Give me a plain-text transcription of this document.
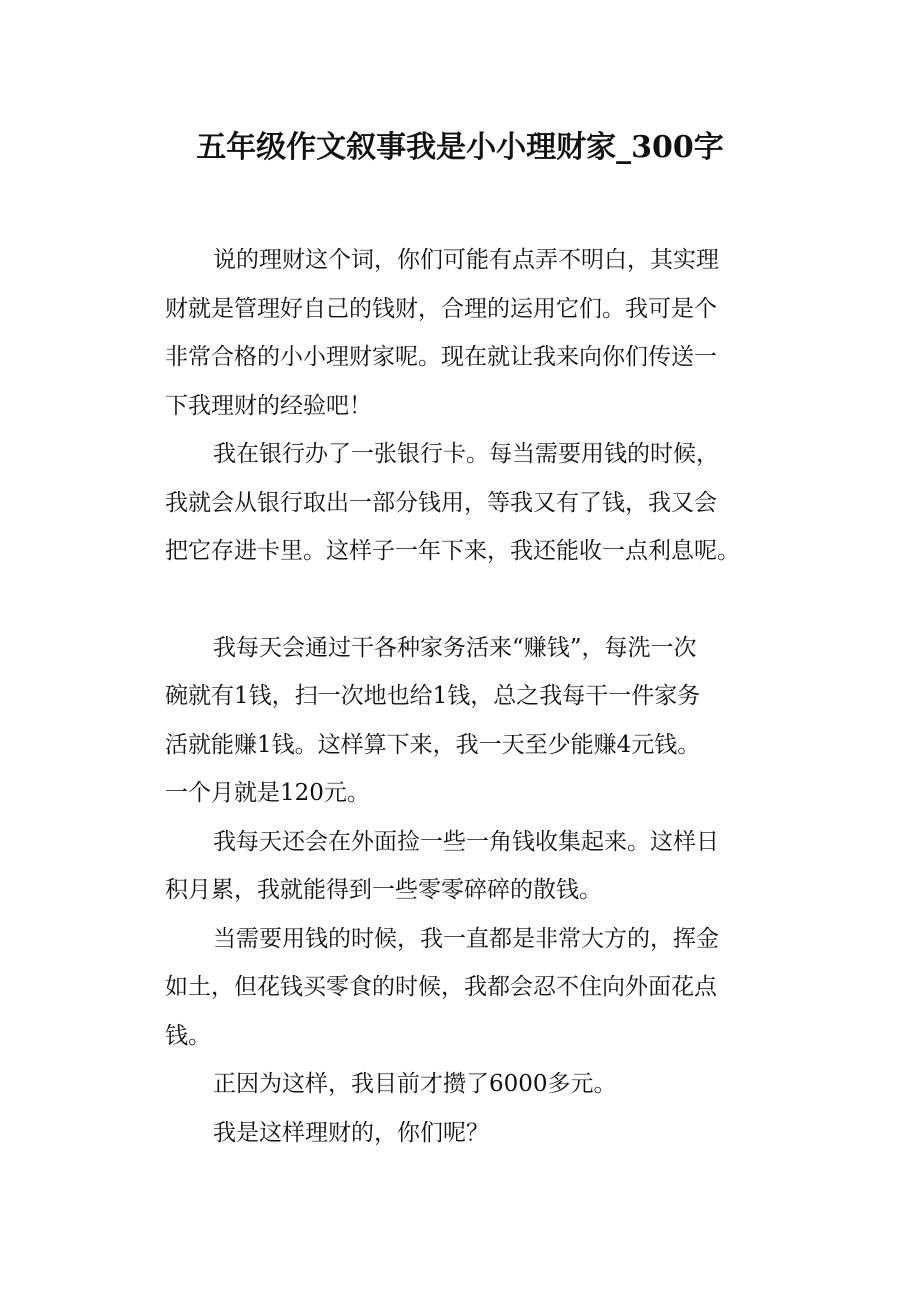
五年级作文叙事我是小小理财家_300字

说的理财这个词，你们可能有点弄不明白，其实理
财就是管理好自己的钱财，合理的运用它们。我可是个
非常合格的小小理财家呢。现在就让我来向你们传送一
下我理财的经验吧！

我在银行办了一张银行卡。每当需要用钱的时候，
我就会从银行取出一部分钱用，等我又有了钱，我又会
把它存进卡里。这样子一年下来，我还能收一点利息呢。

我每天会通过干各种家务活来“赚钱”，每洗一次
碗就有1钱，扫一次地也给1钱，总之我每干一件家务
活就能赚1钱。这样算下来，我一天至少能赚4元钱。
一个月就是120元。

我每天还会在外面捡一些一角钱收集起来。这样日
积月累，我就能得到一些零零碎碎的散钱。

当需要用钱的时候，我一直都是非常大方的，挥金
如土，但花钱买零食的时候，我都会忍不住向外面花点
钱。

正因为这样，我目前才攒了6000多元。

我是这样理财的，你们呢？
